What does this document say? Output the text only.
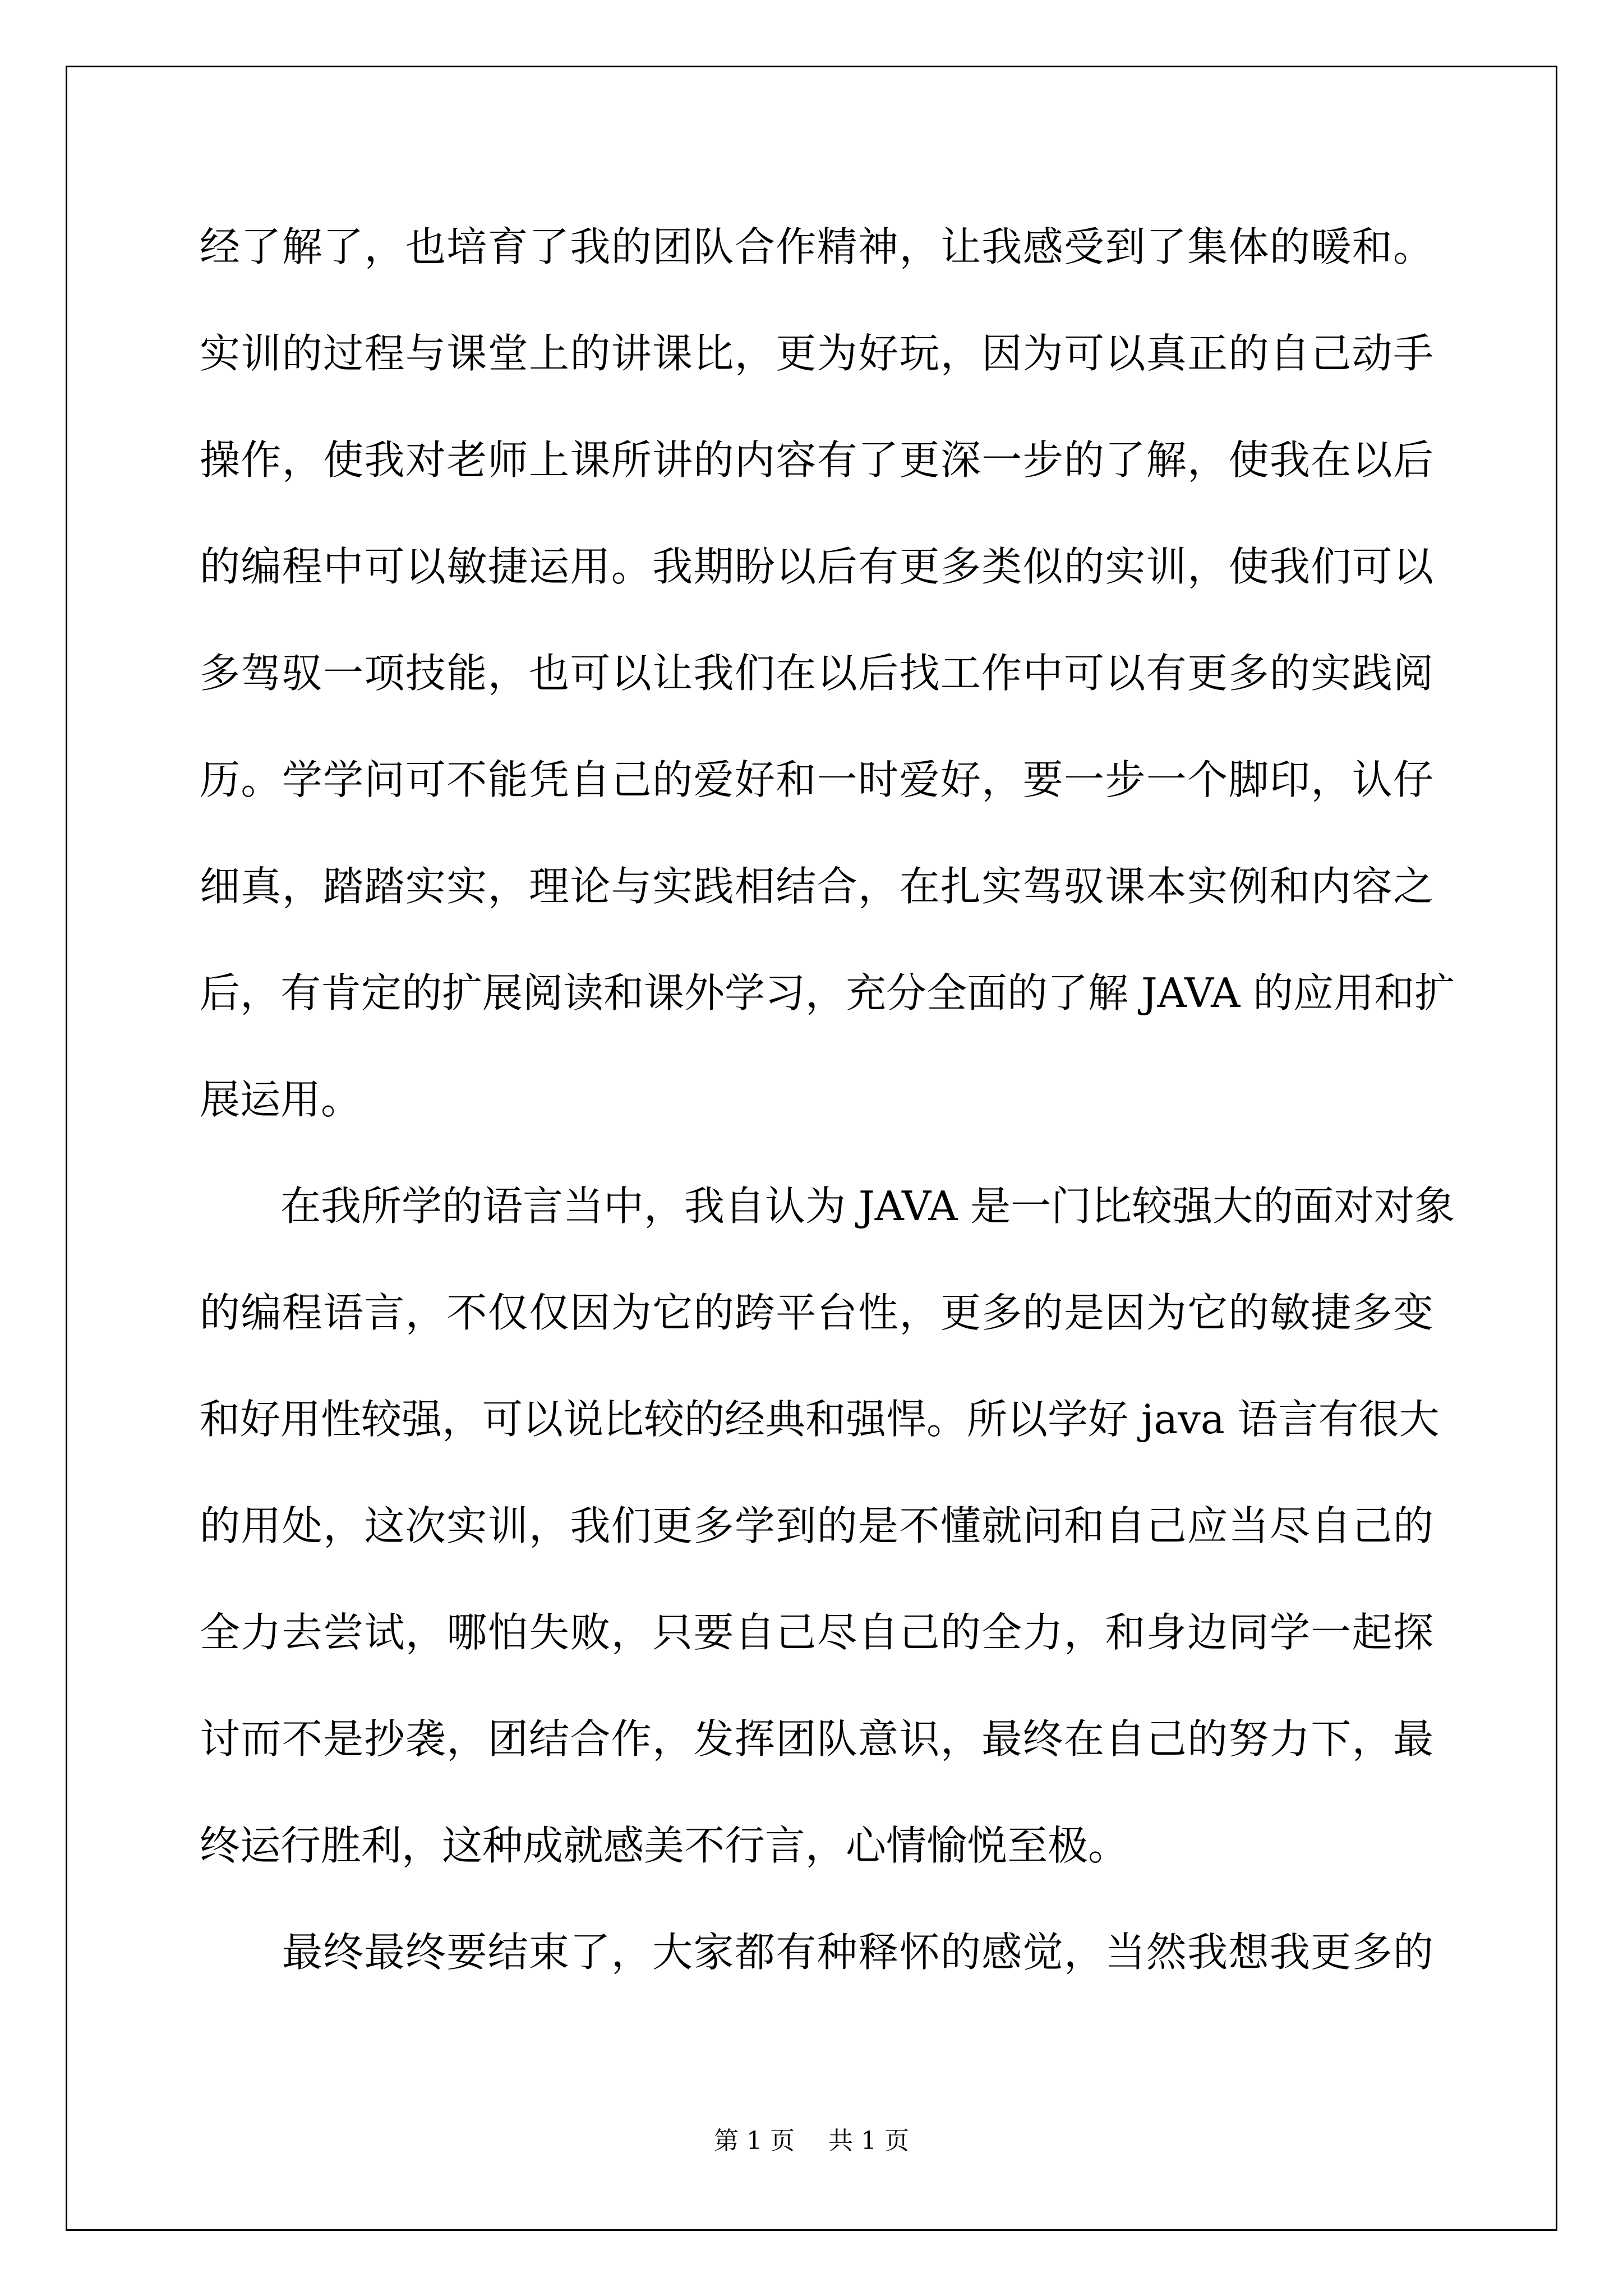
经了解了，也培育了我的团队合作精神，让我感受到了集体的暖和。
实训的过程与课堂上的讲课比，更为好玩，因为可以真正的自己动手
操作，使我对老师上课所讲的内容有了更深一步的了解，使我在以后
的编程中可以敏捷运用。我期盼以后有更多类似的实训，使我们可以
多驾驭一项技能，也可以让我们在以后找工作中可以有更多的实践阅
历。学学问可不能凭自己的爱好和一时爱好，要一步一个脚印，认仔
细真，踏踏实实，理论与实践相结合，在扎实驾驭课本实例和内容之
后，有肯定的扩展阅读和课外学习，充分全面的了解 JAVA 的应用和扩
展运用。
　　在我所学的语言当中，我自认为 JAVA 是一门比较强大的面对对象
的编程语言，不仅仅因为它的跨平台性，更多的是因为它的敏捷多变
和好用性较强，可以说比较的经典和强悍。所以学好 java 语言有很大
的用处，这次实训，我们更多学到的是不懂就问和自己应当尽自己的
全力去尝试，哪怕失败，只要自己尽自己的全力，和身边同学一起探
讨而不是抄袭，团结合作，发挥团队意识，最终在自己的努力下，最
终运行胜利，这种成就感美不行言，心情愉悦至极。
　　最终最终要结束了，大家都有种释怀的感觉，当然我想我更多的
第 1 页 共 1 页
